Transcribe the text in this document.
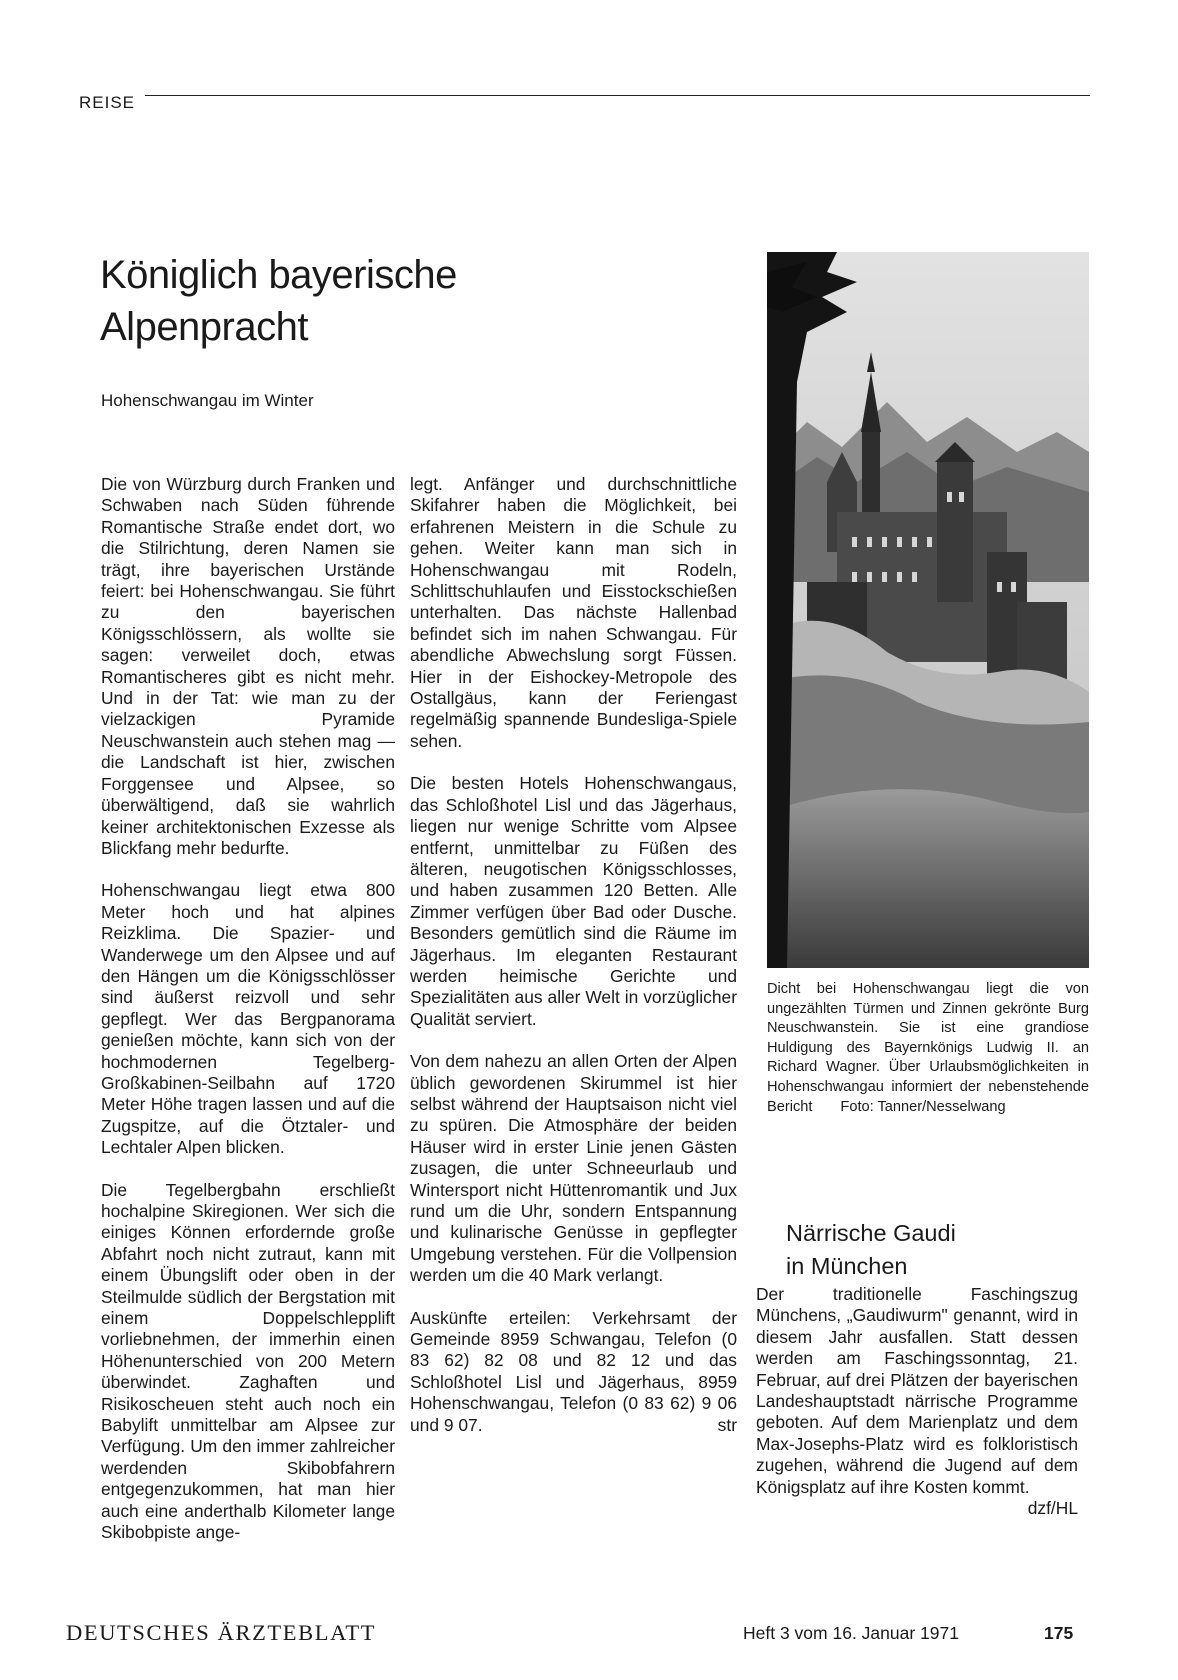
REISE
Königlich bayerische
Alpenpracht
Hohenschwangau im Winter

Die von Würzburg durch Franken und Schwaben nach Süden führende Romantische Straße endet dort, wo die Stilrichtung, deren Namen sie trägt, ihre bayerischen Urstände feiert: bei Hohenschwangau. Sie führt zu den bayerischen Königsschlössern, als wollte sie sagen: verweilet doch, etwas Romantischeres gibt es nicht mehr. Und in der Tat: wie man zu der vielzackigen Pyramide Neuschwanstein auch stehen mag — die Landschaft ist hier, zwischen Forggensee und Alpsee, so überwältigend, daß sie wahrlich keiner architektonischen Exzesse als Blickfang mehr bedurfte.

Hohenschwangau liegt etwa 800 Meter hoch und hat alpines Reizklima. Die Spazier- und Wanderwege um den Alpsee und auf den Hängen um die Königsschlösser sind äußerst reizvoll und sehr gepflegt. Wer das Bergpanorama genießen möchte, kann sich von der hochmodernen Tegelberg-Großkabinen-Seilbahn auf 1720 Meter Höhe tragen lassen und auf die Zugspitze, auf die Ötztaler- und Lechtaler Alpen blicken.

Die Tegelbergbahn erschließt hochalpine Skiregionen. Wer sich die einiges Können erfordernde große Abfahrt noch nicht zutraut, kann mit einem Übungslift oder oben in der Steilmulde südlich der Bergstation mit einem Doppelschlepplift vorliebnehmen, der immerhin einen Höhenunterschied von 200 Metern überwindet. Zaghaften und Risikoscheuen steht auch noch ein Babylift unmittelbar am Alpsee zur Verfügung. Um den immer zahlreicher werdenden Skibobfahrern entgegenzukommen, hat man hier auch eine anderthalb Kilometer lange Skibobpiste ange-

legt. Anfänger und durchschnittliche Skifahrer haben die Möglichkeit, bei erfahrenen Meistern in die Schule zu gehen. Weiter kann man sich in Hohenschwangau mit Rodeln, Schlittschuhlaufen und Eisstockschießen unterhalten. Das nächste Hallenbad befindet sich im nahen Schwangau. Für abendliche Abwechslung sorgt Füssen. Hier in der Eishockey-Metropole des Ostallgäus, kann der Feriengast regelmäßig spannende Bundesliga-Spiele sehen.

Die besten Hotels Hohenschwangaus, das Schloßhotel Lisl und das Jägerhaus, liegen nur wenige Schritte vom Alpsee entfernt, unmittelbar zu Füßen des älteren, neugotischen Königsschlosses, und haben zusammen 120 Betten. Alle Zimmer verfügen über Bad oder Dusche. Besonders gemütlich sind die Räume im Jägerhaus. Im eleganten Restaurant werden heimische Gerichte und Spezialitäten aus aller Welt in vorzüglicher Qualität serviert.

Von dem nahezu an allen Orten der Alpen üblich gewordenen Skirummel ist hier selbst während der Hauptsaison nicht viel zu spüren. Die Atmosphäre der beiden Häuser wird in erster Linie jenen Gästen zusagen, die unter Schneeurlaub und Wintersport nicht Hüttenromantik und Jux rund um die Uhr, sondern Entspannung und kulinarische Genüsse in gepflegter Umgebung verstehen. Für die Vollpension werden um die 40 Mark verlangt.

Auskünfte erteilen: Verkehrsamt der Gemeinde 8959 Schwangau, Telefon (0 83 62) 82 08 und 82 12 und das Schloßhotel Lisl und Jägerhaus, 8959 Hohenschwangau, Telefon (0 83 62) 9 06 und 9 07.	str

Dicht bei Hohenschwangau liegt die von ungezählten Türmen und Zinnen gekrönte Burg Neuschwanstein. Sie ist eine grandiose Huldigung des Bayernkönigs Ludwig II. an Richard Wagner. Über Urlaubsmöglichkeiten in Hohenschwangau informiert der nebenstehende Bericht Foto: Tanner/Nesselwang
Närrische Gaudi
in München

Der traditionelle Faschingszug Münchens, „Gaudiwurm" genannt, wird in diesem Jahr ausfallen. Statt dessen werden am Faschingssonntag, 21. Februar, auf drei Plätzen der bayerischen Landeshauptstadt närrische Programme geboten. Auf dem Marienplatz und dem Max-Josephs-Platz wird es folkloristisch zugehen, während die Jugend auf dem Königsplatz auf ihre Kosten kommt.
dzf/HL

DEUTSCHES ÄRZTEBLATT	Heft 3 vom 16. Januar 1971	175
